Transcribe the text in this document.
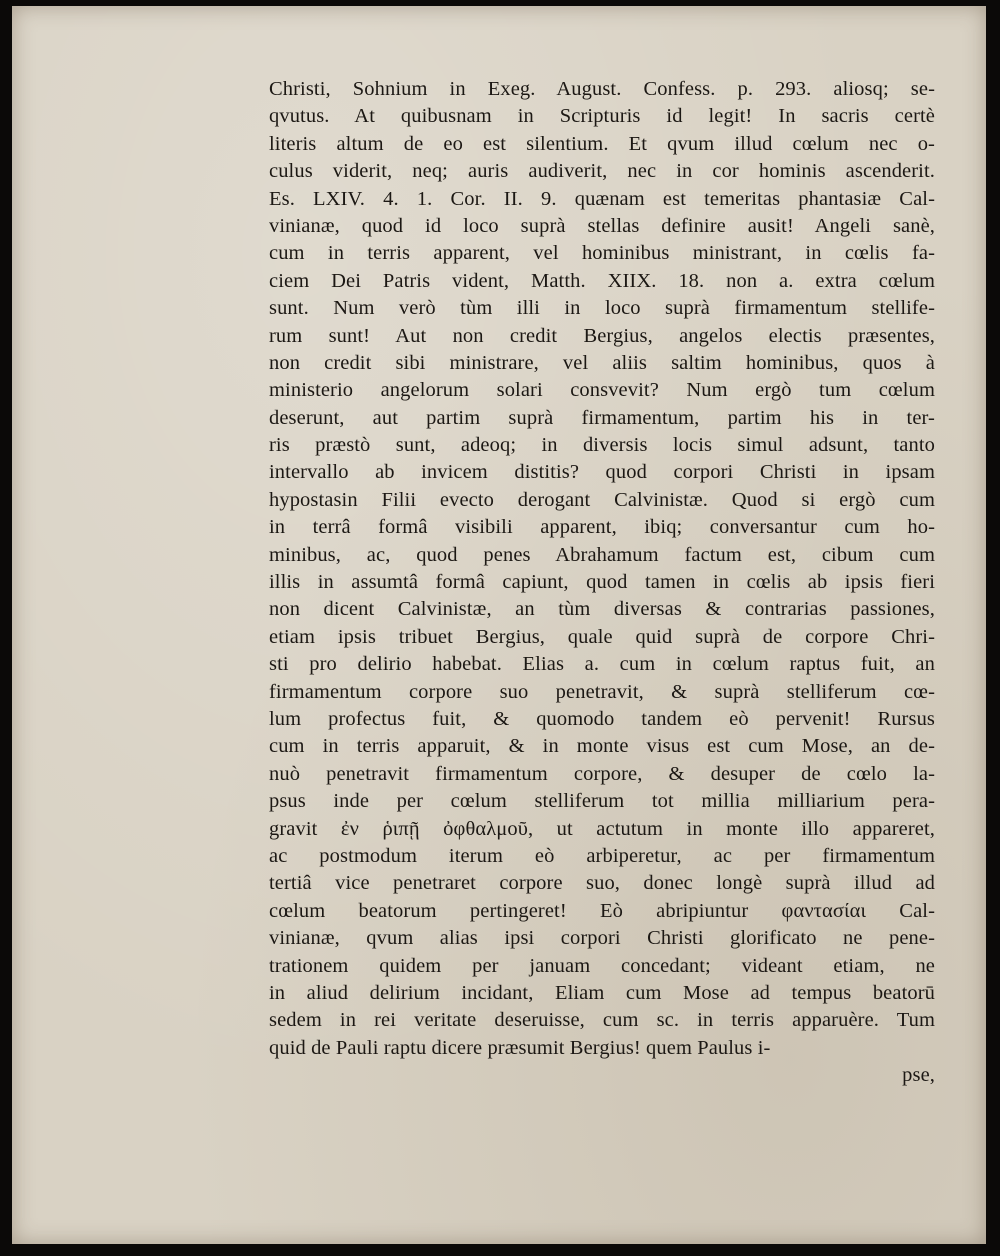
Christi, Sohnium in Exeg. August. Confess. p. 293. aliosq; se-
qvutus. At quibusnam in Scripturis id legit! In sacris certè
literis altum de eo est silentium. Et qvum illud cœlum nec o-
culus viderit, neq; auris audiverit, nec in cor hominis ascenderit.
Es. LXIV. 4. 1. Cor. II. 9. quænam est temeritas phantasiæ Cal-
vinianæ, quod id loco suprà stellas definire ausit! Angeli sanè,
cum in terris apparent, vel hominibus ministrant, in cœlis fa-
ciem Dei Patris vident, Matth. XIIX. 18. non a. extra cœlum
sunt. Num verò tùm illi in loco suprà firmamentum stellife-
rum sunt! Aut non credit Bergius, angelos electis præsentes,
non credit sibi ministrare, vel aliis saltim hominibus, quos à
ministerio angelorum solari consvevit? Num ergò tum cœlum
deserunt, aut partim suprà firmamentum, partim his in ter-
ris præstò sunt, adeoq; in diversis locis simul adsunt, tanto
intervallo ab invicem distitis? quod corpori Christi in ipsam
hypostasin Filii evecto derogant Calvinistæ. Quod si ergò cum
in terrâ formâ visibili apparent, ibiq; conversantur cum ho-
minibus, ac, quod penes Abrahamum factum est, cibum cum
illis in assumtâ formâ capiunt, quod tamen in cœlis ab ipsis fieri
non dicent Calvinistæ, an tùm diversas & contrarias passiones,
etiam ipsis tribuet Bergius, quale quid suprà de corpore Chri-
sti pro delirio habebat. Elias a. cum in cœlum raptus fuit, an
firmamentum corpore suo penetravit, & suprà stelliferum cœ-
lum profectus fuit, & quomodo tandem eò pervenit! Rursus
cum in terris apparuit, & in monte visus est cum Mose, an de-
nuò penetravit firmamentum corpore, & desuper de cœlo la-
psus inde per cœlum stelliferum tot millia milliarium pera-
gravit ἐν ῥιπῇ ὀφθαλμοῦ, ut actutum in monte illo appareret,
ac postmodum iterum eò arbiperetur, ac per firmamentum
tertiâ vice penetraret corpore suo, donec longè suprà illud ad
cœlum beatorum pertingeret! Eò abripiuntur φαντασίαι Cal-
vinianæ, qvum alias ipsi corpori Christi glorificato ne pene-
trationem quidem per januam concedant; videant etiam, ne
in aliud delirium incidant, Eliam cum Mose ad tempus beatorū
sedem in rei veritate deseruisse, cum sc. in terris apparuère. Tum
quid de Pauli raptu dicere præsumit Bergius! quem Paulus i-
pse,
